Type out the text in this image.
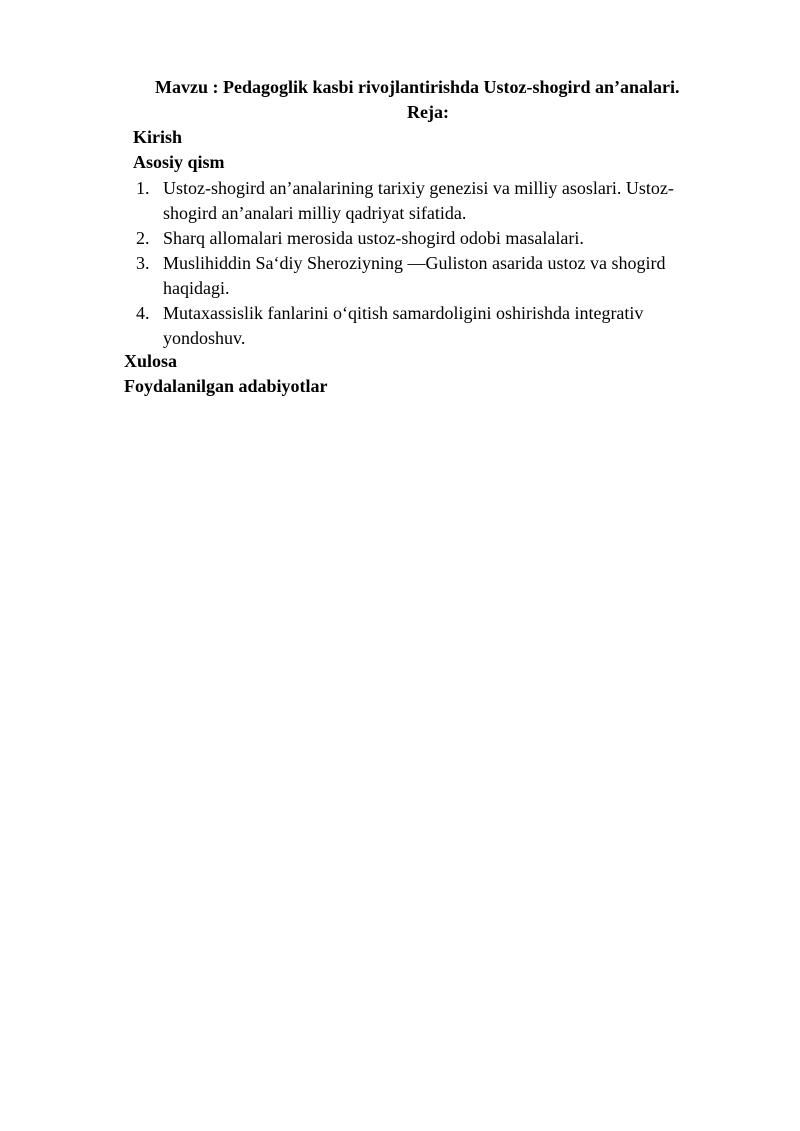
Mavzu : Pedagoglik kasbi rivojlantirishda Ustoz-shogird an’analari.
Reja:
Kirish
Asosiy qism
1. Ustoz-shogird an’analarining tarixiy genezisi va milliy asoslari. Ustoz-shogird an’analari milliy qadriyat sifatida.
2. Sharq allomalari merosida ustoz-shogird odobi masalalari.
3. Muslihiddin Sa‘diy Sheroziyning —Guliston asarida ustoz va shogird haqidagi.
4. Mutaxassislik fanlarini o‘qitish samardoligini oshirishda integrativ yondoshuv.
Xulosa
Foydalanilgan adabiyotlar
